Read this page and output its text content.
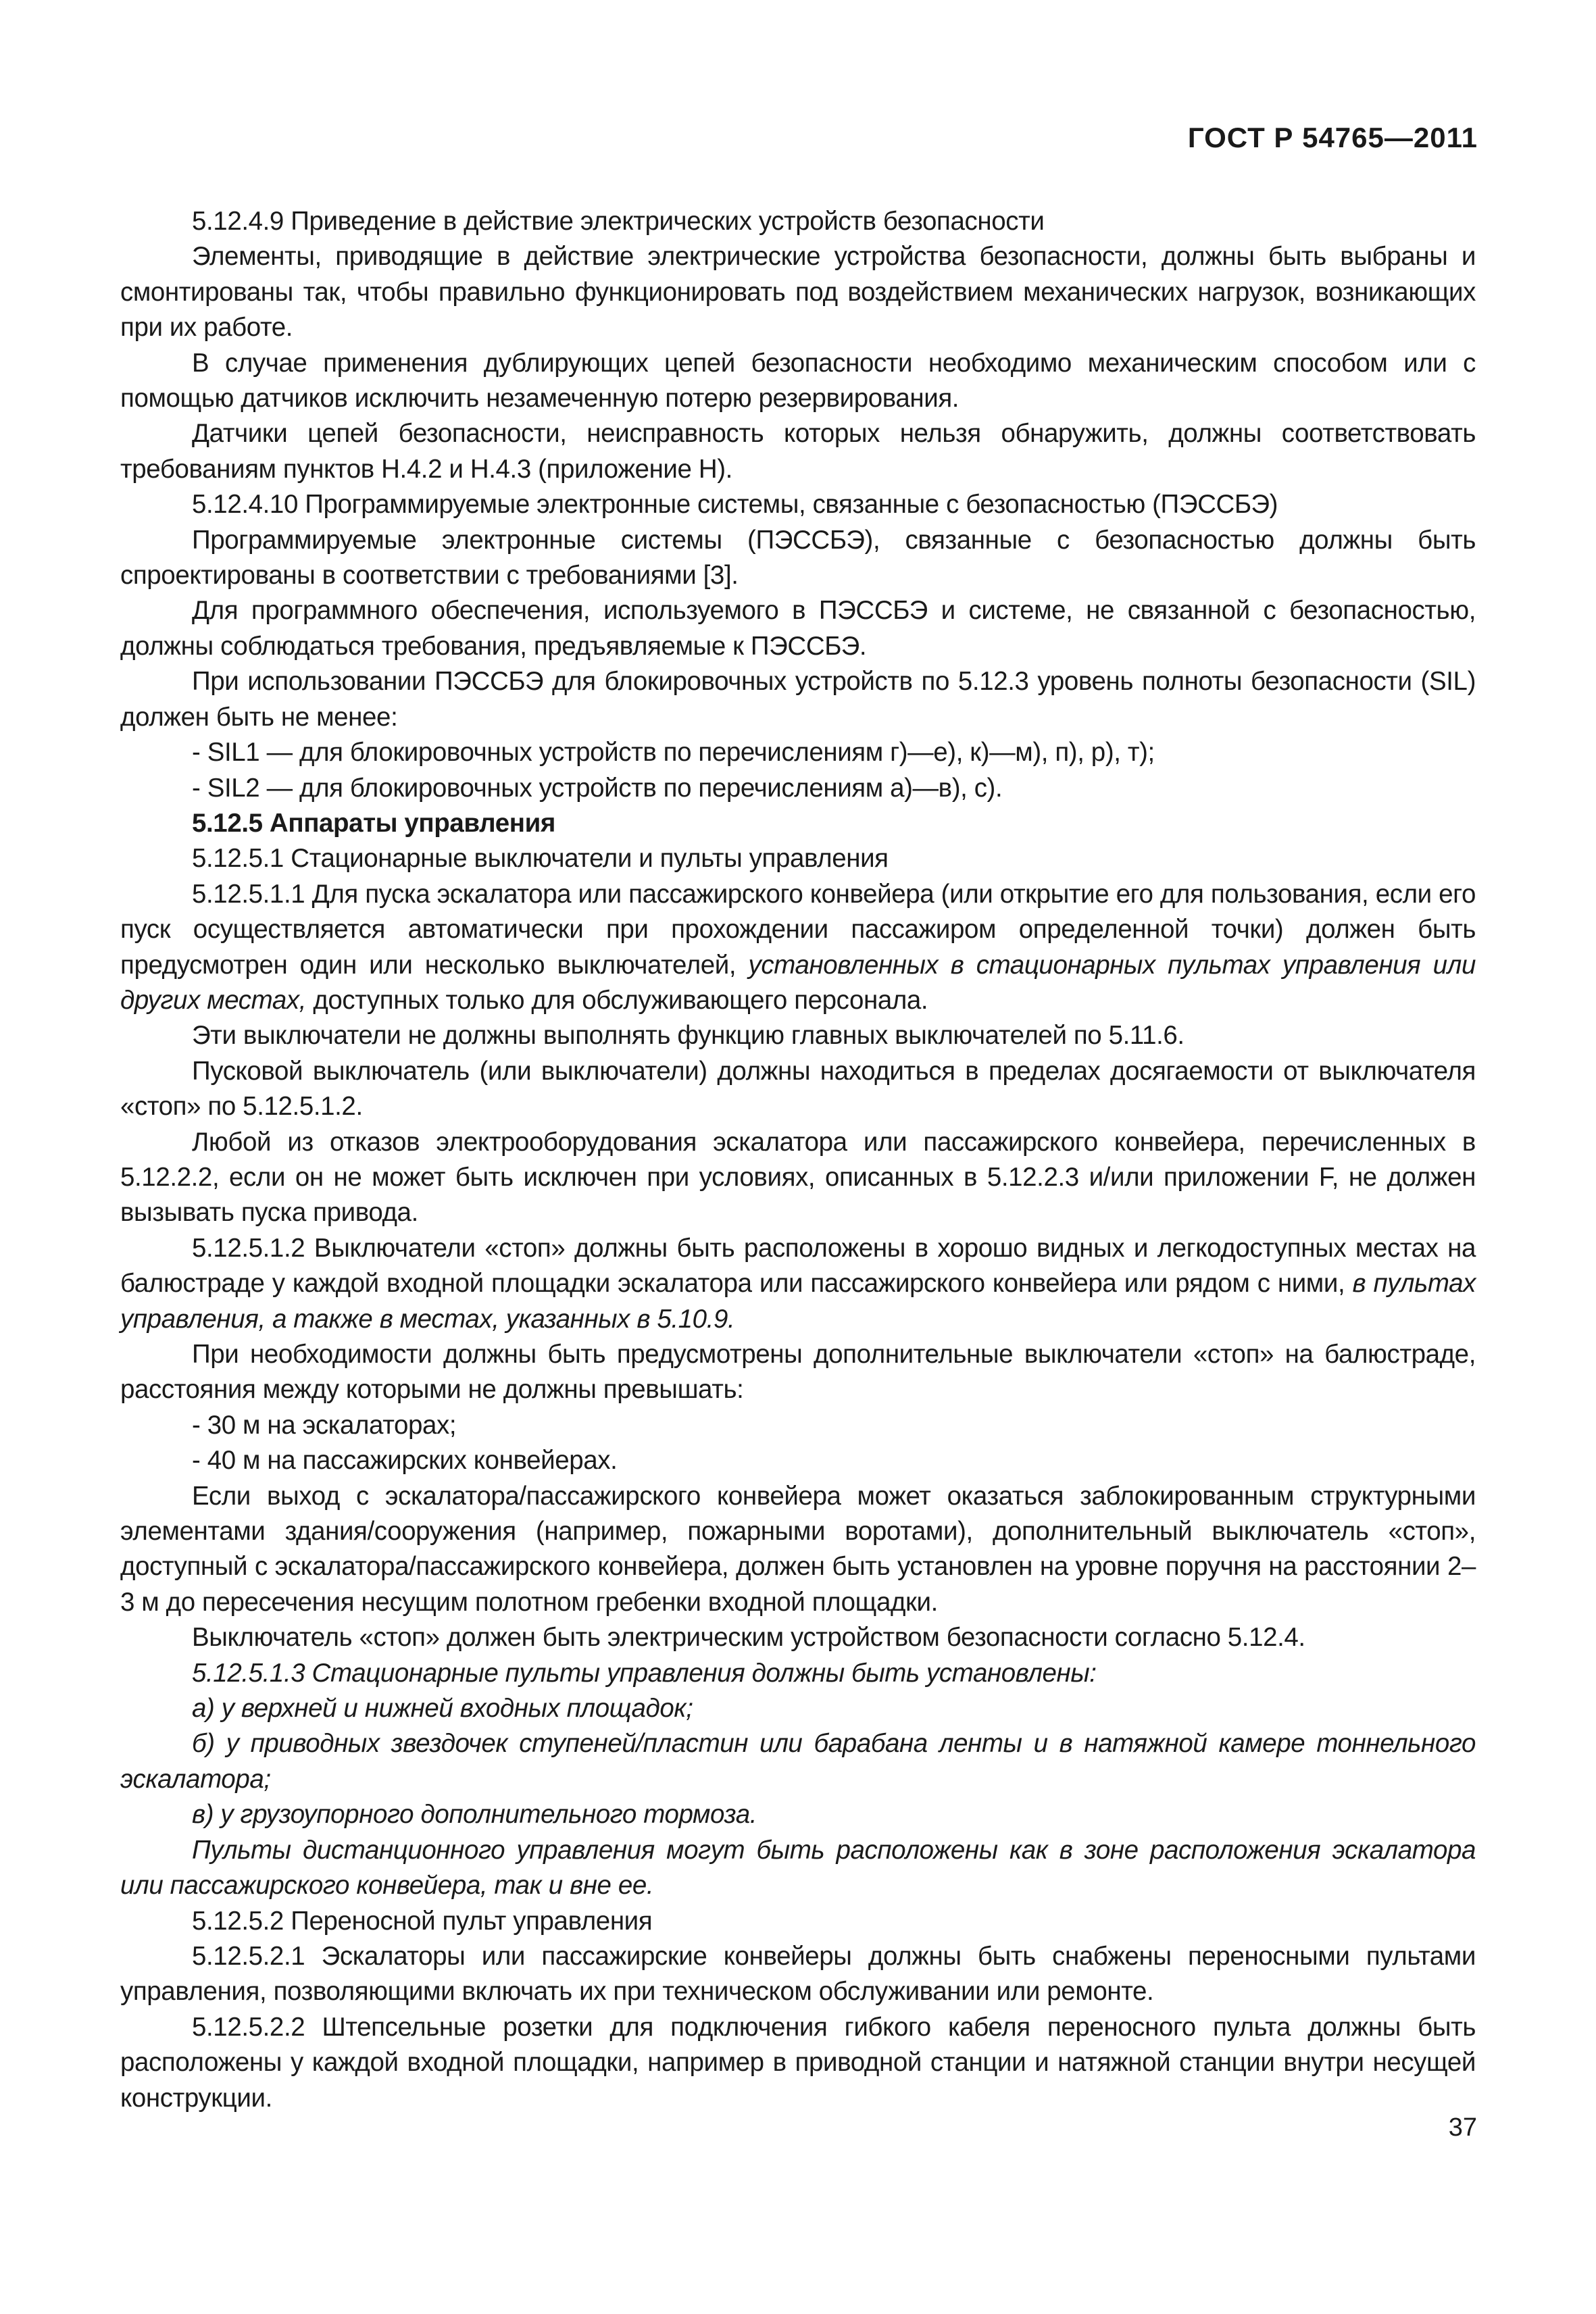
ГОСТ Р 54765—2011

5.12.4.9 Приведение в действие электрических устройств безопасности

Элементы, приводящие в действие электрические устройства безопасности, должны быть выбраны и смонтированы так, чтобы правильно функционировать под воздействием механических нагрузок, возникающих при их работе.

В случае применения дублирующих цепей безопасности необходимо механическим способом или с помощью датчиков исключить незамеченную потерю резервирования.

Датчики цепей безопасности, неисправность которых нельзя обнаружить, должны соответствовать требованиям пунктов Н.4.2 и Н.4.3 (приложение Н).

5.12.4.10 Программируемые электронные системы, связанные с безопасностью (ПЭССБЭ)

Программируемые электронные системы (ПЭССБЭ), связанные с безопасностью должны быть спроектированы в соответствии с требованиями [3].

Для программного обеспечения, используемого в ПЭССБЭ и системе, не связанной с безопасностью, должны соблюдаться требования, предъявляемые к ПЭССБЭ.

При использовании ПЭССБЭ для блокировочных устройств по 5.12.3 уровень полноты безопасности (SIL) должен быть не менее:

- SIL1 — для блокировочных устройств по перечислениям г)—е), к)—м), п), р), т);

- SIL2 — для блокировочных устройств по перечислениям а)—в), с).

5.12.5 Аппараты управления

5.12.5.1 Стационарные выключатели и пульты управления

5.12.5.1.1 Для пуска эскалатора или пассажирского конвейера (или открытие его для пользования, если его пуск осуществляется автоматически при прохождении пассажиром определенной точки) должен быть предусмотрен один или несколько выключателей, установленных в стационарных пультах управления или других местах, доступных только для обслуживающего персонала.

Эти выключатели не должны выполнять функцию главных выключателей по 5.11.6.

Пусковой выключатель (или выключатели) должны находиться в пределах досягаемости от выключателя «стоп» по 5.12.5.1.2.

Любой из отказов электрооборудования эскалатора или пассажирского конвейера, перечисленных в 5.12.2.2, если он не может быть исключен при условиях, описанных в 5.12.2.3 и/или приложении F, не должен вызывать пуска привода.

5.12.5.1.2 Выключатели «стоп» должны быть расположены в хорошо видных и легкодоступных местах на балюстраде у каждой входной площадки эскалатора или пассажирского конвейера или рядом с ними, в пультах управления, а также в местах, указанных в 5.10.9.

При необходимости должны быть предусмотрены дополнительные выключатели «стоп» на балюстраде, расстояния между которыми не должны превышать:

- 30 м на эскалаторах;

- 40 м на пассажирских конвейерах.

Если выход с эскалатора/пассажирского конвейера может оказаться заблокированным структурными элементами здания/сооружения (например, пожарными воротами), дополнительный выключатель «стоп», доступный с эскалатора/пассажирского конвейера, должен быть установлен на уровне поручня на расстоянии 2–3 м до пересечения несущим полотном гребенки входной площадки.

Выключатель «стоп» должен быть электрическим устройством безопасности согласно 5.12.4.

5.12.5.1.3 Стационарные пульты управления должны быть установлены:

а) у верхней и нижней входных площадок;

б) у приводных звездочек ступеней/пластин или барабана ленты и в натяжной камере тоннельного эскалатора;

в) у грузоупорного дополнительного тормоза.

Пульты дистанционного управления могут быть расположены как в зоне расположения эскалатора или пассажирского конвейера, так и вне ее.

5.12.5.2 Переносной пульт управления

5.12.5.2.1 Эскалаторы или пассажирские конвейеры должны быть снабжены переносными пультами управления, позволяющими включать их при техническом обслуживании или ремонте.

5.12.5.2.2 Штепсельные розетки для подключения гибкого кабеля переносного пульта должны быть расположены у каждой входной площадки, например в приводной станции и натяжной станции внутри несущей конструкции.

37
